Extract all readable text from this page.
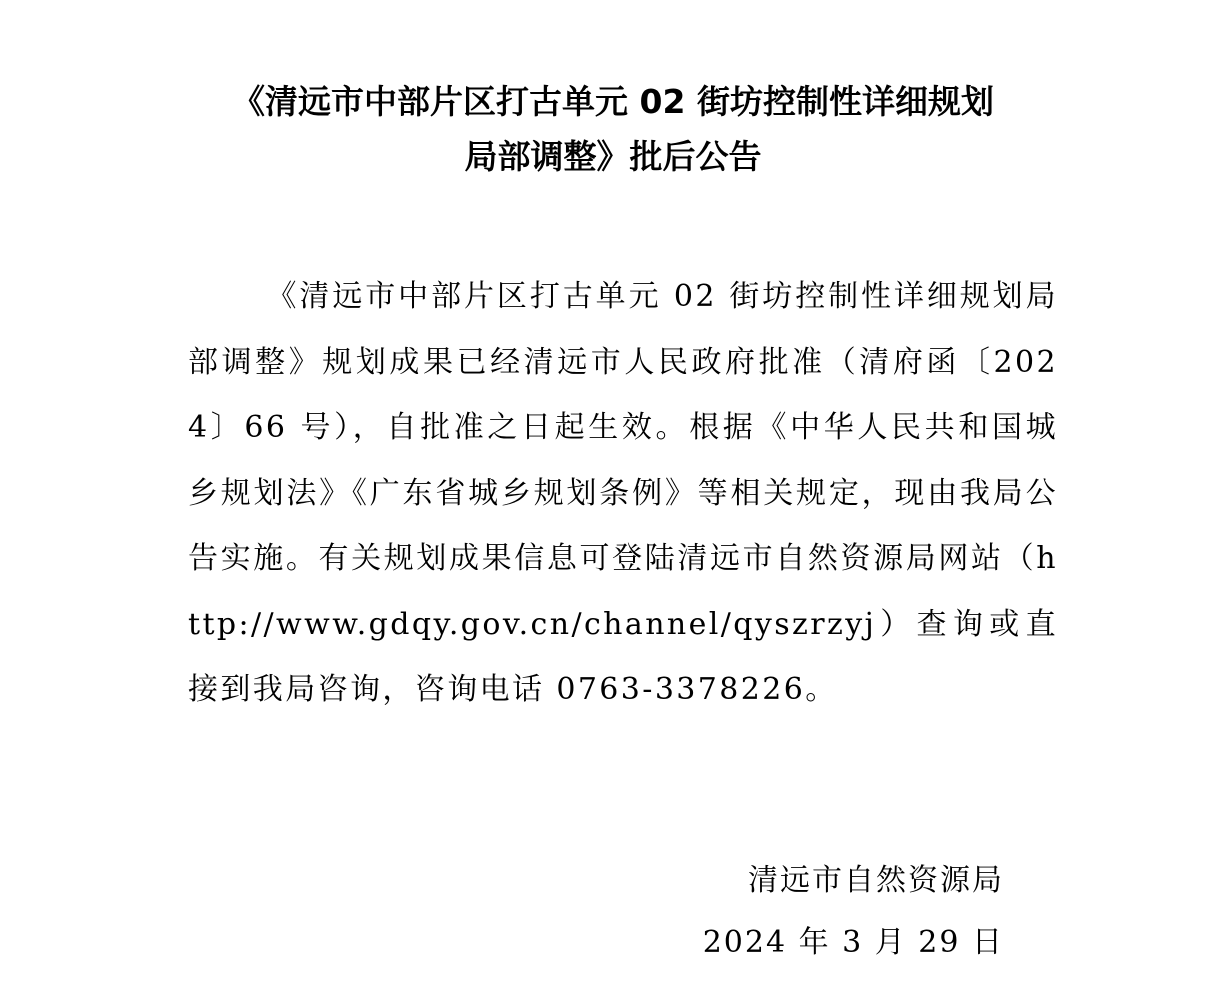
《清远市中部片区打古单元 02 街坊控制性详细规划
局部调整》批后公告

《清远市中部片区打古单元 02 街坊控制性详细规划局部调整》规划成果已经清远市人民政府批准（清府函〔2024〕66 号），自批准之日起生效。根据《中华人民共和国城乡规划法》《广东省城乡规划条例》等相关规定，现由我局公告实施。有关规划成果信息可登陆清远市自然资源局网站（http://www.gdqy.gov.cn/channel/qyszrzyj）查询或直接到我局咨询，咨询电话 0763-3378226。

清远市自然资源局
2024 年 3 月 29 日
